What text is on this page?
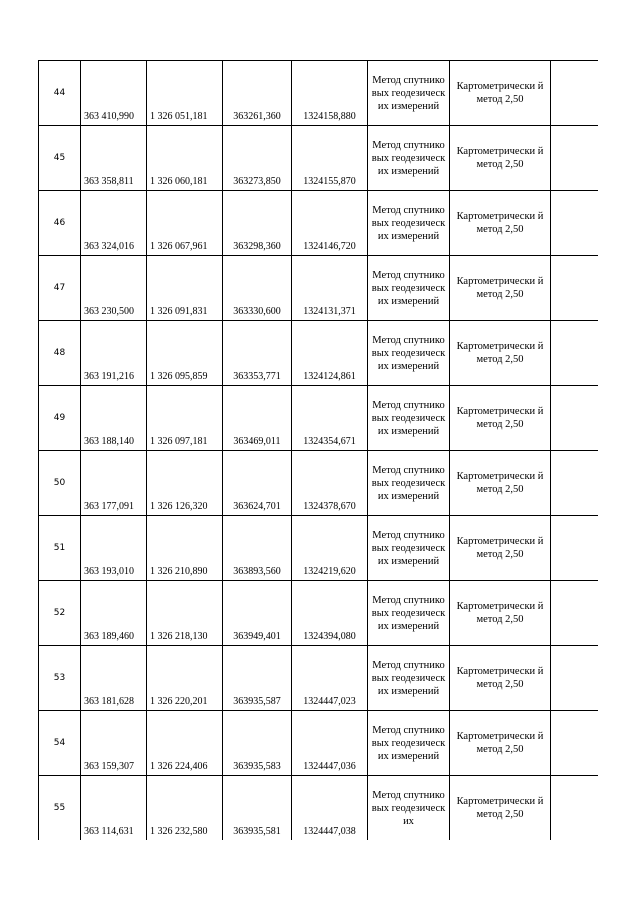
44	363 410,990	1 326 051,181	363261,360	1324158,880	Метод спутниковых геодезических измерений	Картометрически й метод 2,50	

45	363 358,811	1 326 060,181	363273,850	1324155,870	Метод спутниковых геодезических измерений	Картометрически й метод 2,50	

46	363 324,016	1 326 067,961	363298,360	1324146,720	Метод спутниковых геодезических измерений	Картометрически й метод 2,50	

47	363 230,500	1 326 091,831	363330,600	1324131,371	Метод спутниковых геодезических измерений	Картометрически й метод 2,50	

48	363 191,216	1 326 095,859	363353,771	1324124,861	Метод спутниковых геодезических измерений	Картометрически й метод 2,50	

49	363 188,140	1 326 097,181	363469,011	1324354,671	Метод спутниковых геодезических измерений	Картометрически й метод 2,50	

50	363 177,091	1 326 126,320	363624,701	1324378,670	Метод спутниковых геодезических измерений	Картометрически й метод 2,50	

51	363 193,010	1 326 210,890	363893,560	1324219,620	Метод спутниковых геодезических измерений	Картометрически й метод 2,50	

52	363 189,460	1 326 218,130	363949,401	1324394,080	Метод спутниковых геодезических измерений	Картометрически й метод 2,50	

53	363 181,628	1 326 220,201	363935,587	1324447,023	Метод спутниковых геодезических измерений	Картометрически й метод 2,50	

54	363 159,307	1 326 224,406	363935,583	1324447,036	Метод спутниковых геодезических измерений	Картометрически й метод 2,50	

55	363 114,631	1 326 232,580	363935,581	1324447,038	Метод спутниковых геодезических	Картометрически й метод 2,50	
